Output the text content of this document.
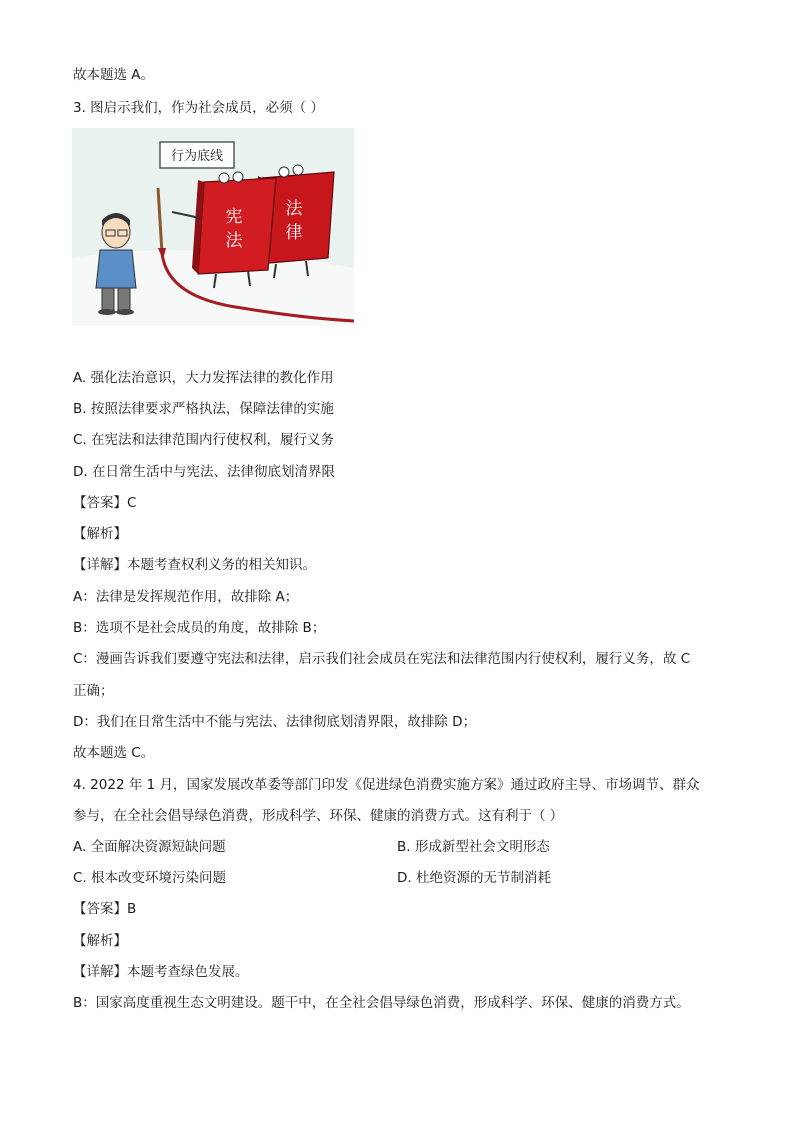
故本题选 A。
3. 图启示我们，作为社会成员，必须（ ）
行为底线
法
律
宪
法
A. 强化法治意识，大力发挥法律的教化作用
B. 按照法律要求严格执法，保障法律的实施
C. 在宪法和法律范围内行使权利，履行义务
D. 在日常生活中与宪法、法律彻底划清界限
【答案】C
【解析】
【详解】本题考查权利义务的相关知识。
A：法律是发挥规范作用，故排除 A；
B：选项不是社会成员的角度，故排除 B；
C：漫画告诉我们要遵守宪法和法律，启示我们社会成员在宪法和法律范围内行使权利，履行义务，故 C
正确；
D：我们在日常生活中不能与宪法、法律彻底划清界限，故排除 D；
故本题选 C。
4. 2022 年 1 月，国家发展改革委等部门印发《促进绿色消费实施方案》通过政府主导、市场调节、群众
参与，在全社会倡导绿色消费，形成科学、环保、健康的消费方式。这有利于（ ）
A. 全面解决资源短缺问题	B. 形成新型社会文明形态
C. 根本改变环境污染问题	D. 杜绝资源的无节制消耗
【答案】B
【解析】
【详解】本题考查绿色发展。
B：国家高度重视生态文明建设。题干中，在全社会倡导绿色消费，形成科学、环保、健康的消费方式。
